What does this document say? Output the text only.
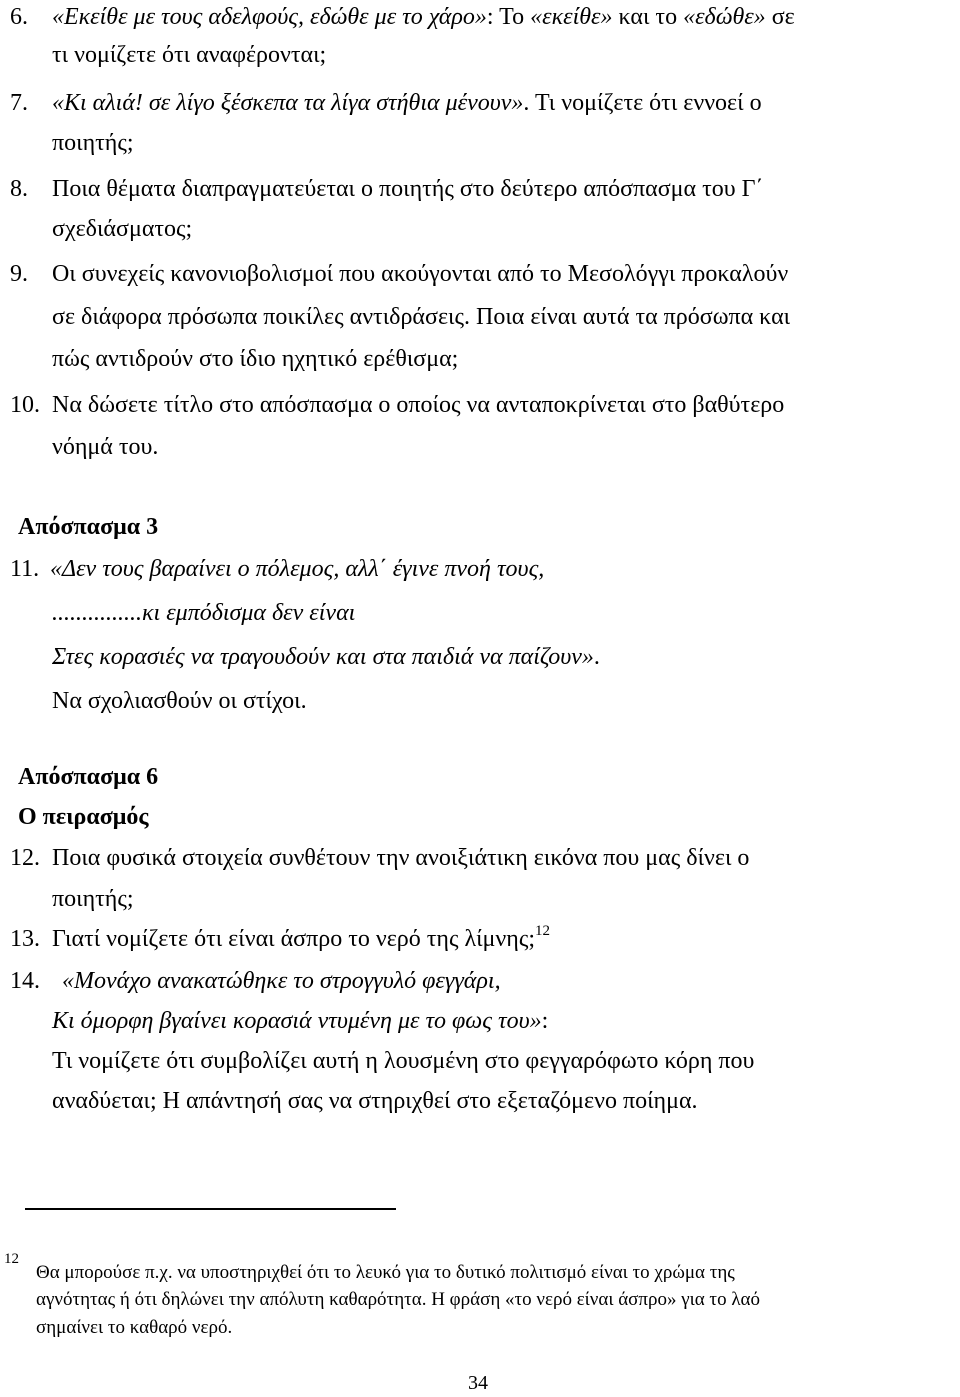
6. «Εκείθε με τους αδελφούς, εδώθε με το χάρο»: Το «εκείθε» και το «εδώθε» σε
τι νομίζετε ότι αναφέρονται;
7. «Κι αλιά! σε λίγο ξέσκεπα τα λίγα στήθια μένουν». Τι νομίζετε ότι εννοεί ο
ποιητής;
8. Ποια θέματα διαπραγματεύεται ο ποιητής στο δεύτερο απόσπασμα του Γ΄
σχεδιάσματος;
9. Οι συνεχείς κανονιοβολισμοί που ακούγονται από το Μεσολόγγι προκαλούν
σε διάφορα πρόσωπα ποικίλες αντιδράσεις. Ποια είναι αυτά τα πρόσωπα και
πώς αντιδρούν στο ίδιο ηχητικό ερέθισμα;
10. Να δώσετε τίτλο στο απόσπασμα ο οποίος να ανταποκρίνεται στο βαθύτερο
νόημά του.
Απόσπασμα 3
11. «Δεν τους βαραίνει ο πόλεμος, αλλ΄ έγινε πνοή τους,
...............κι εμπόδισμα δεν είναι
Στες κορασιές να τραγουδούν και στα παιδιά να παίζουν».
Να σχολιασθούν οι στίχοι.
Απόσπασμα 6
Ο πειρασμός
12. Ποια φυσικά στοιχεία συνθέτουν την ανοιξιάτικη εικόνα που μας δίνει ο
ποιητής;
13. Γιατί νομίζετε ότι είναι άσπρο το νερό της λίμνης;$^{12}$
14. «Μονάχο ανακατώθηκε το στρογγυλό φεγγάρι,
Κι όμορφη βγαίνει κορασιά ντυμένη με το φως του»:
Τι νομίζετε ότι συμβολίζει αυτή η λουσμένη στο φεγγαρόφωτο κόρη που
αναδύεται; Η απάντησή σας να στηριχθεί στο εξεταζόμενο ποίημα.
12
Θα μπορούσε π.χ. να υποστηριχθεί ότι το λευκό για το δυτικό πολιτισμό είναι το χρώμα της
αγνότητας ή ότι δηλώνει την απόλυτη καθαρότητα. Η φράση «το νερό είναι άσπρο» για το λαό
σημαίνει το καθαρό νερό.
34
